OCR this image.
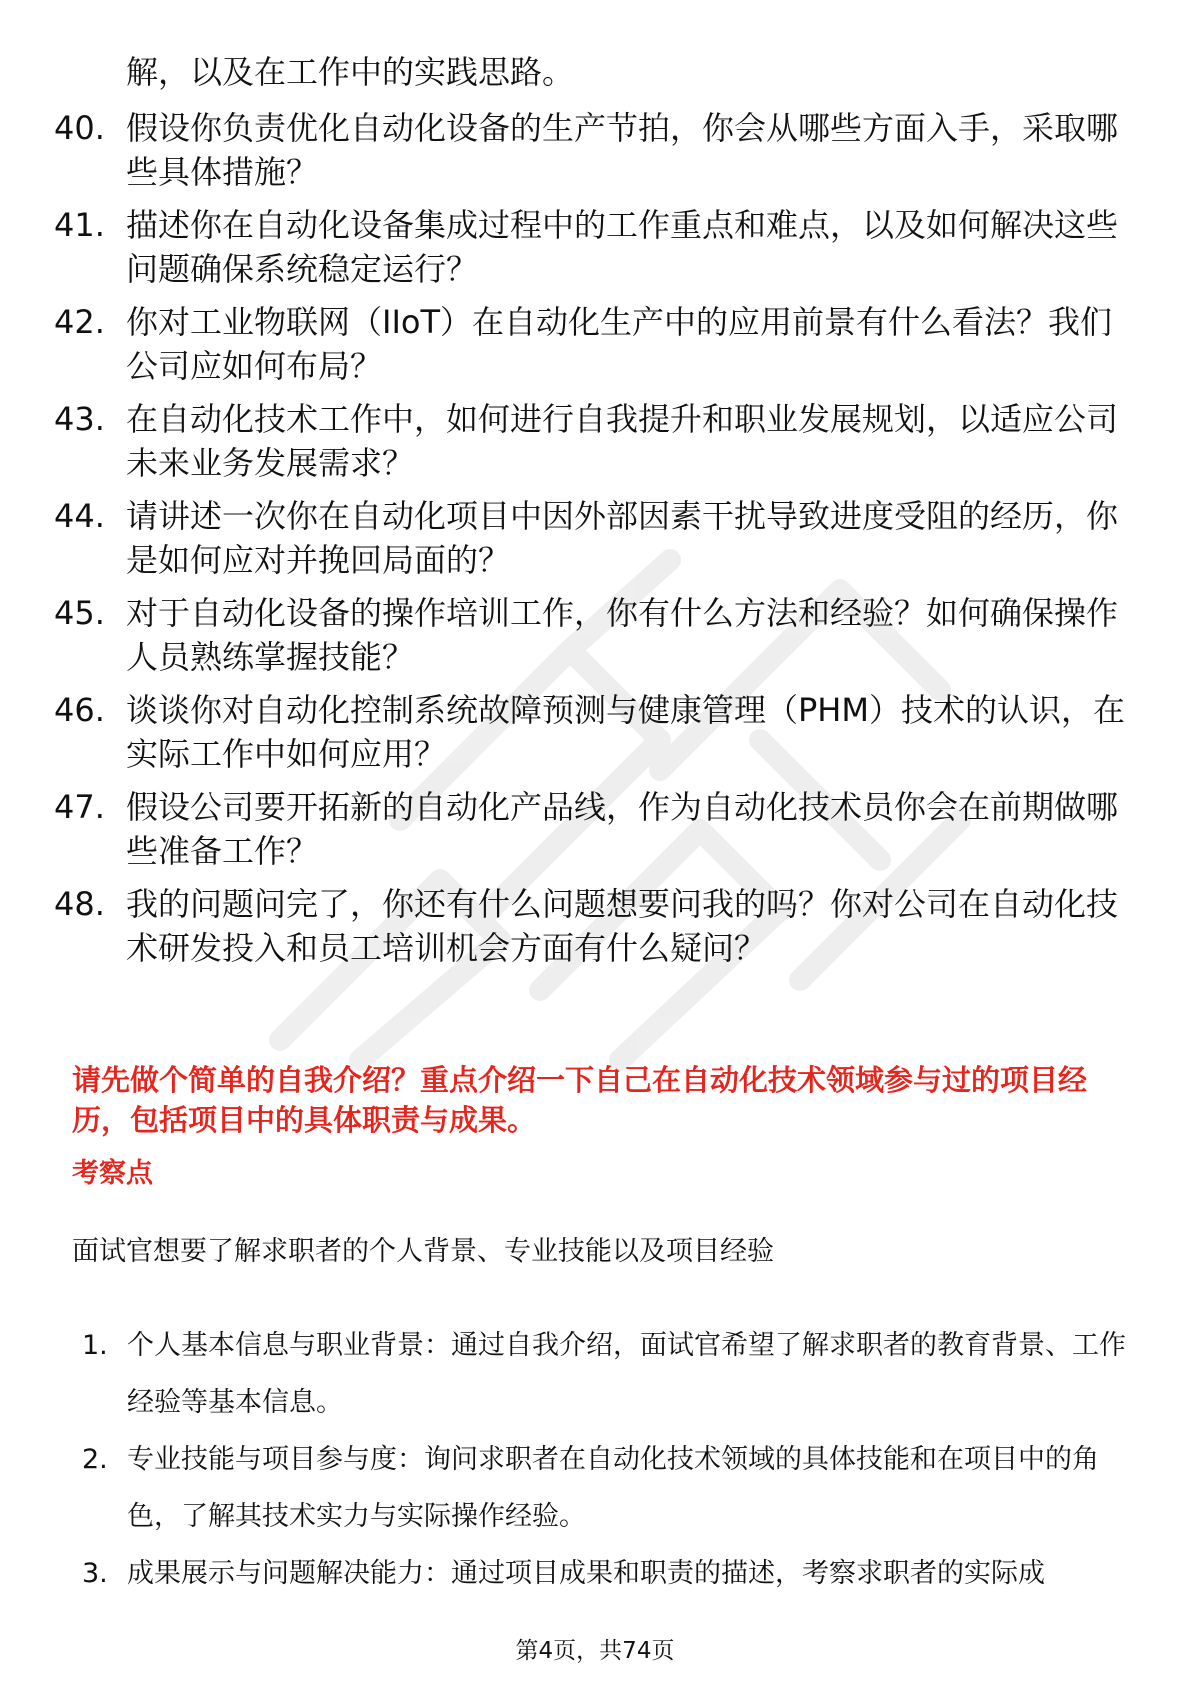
解，以及在工作中的实践思路。
40. 假设你负责优化自动化设备的生产节拍，你会从哪些方面入手，采取哪些具体措施？
41. 描述你在自动化设备集成过程中的工作重点和难点，以及如何解决这些问题确保系统稳定运行？
42. 你对工业物联网（IIoT）在自动化生产中的应用前景有什么看法？我们公司应如何布局？
43. 在自动化技术工作中，如何进行自我提升和职业发展规划，以适应公司未来业务发展需求？
44. 请讲述一次你在自动化项目中因外部因素干扰导致进度受阻的经历，你是如何应对并挽回局面的？
45. 对于自动化设备的操作培训工作，你有什么方法和经验？如何确保操作人员熟练掌握技能？
46. 谈谈你对自动化控制系统故障预测与健康管理（PHM）技术的认识，在实际工作中如何应用？
47. 假设公司要开拓新的自动化产品线，作为自动化技术员你会在前期做哪些准备工作？
48. 我的问题问完了，你还有什么问题想要问我的吗？你对公司在自动化技术研发投入和员工培训机会方面有什么疑问？
请先做个简单的自我介绍？重点介绍一下自己在自动化技术领域参与过的项目经历，包括项目中的具体职责与成果。
考察点
面试官想要了解求职者的个人背景、专业技能以及项目经验
1. 个人基本信息与职业背景：通过自我介绍，面试官希望了解求职者的教育背景、工作经验等基本信息。
2. 专业技能与项目参与度：询问求职者在自动化技术领域的具体技能和在项目中的角色，了解其技术实力与实际操作经验。
3. 成果展示与问题解决能力：通过项目成果和职责的描述，考察求职者的实际成
第4页，共74页
